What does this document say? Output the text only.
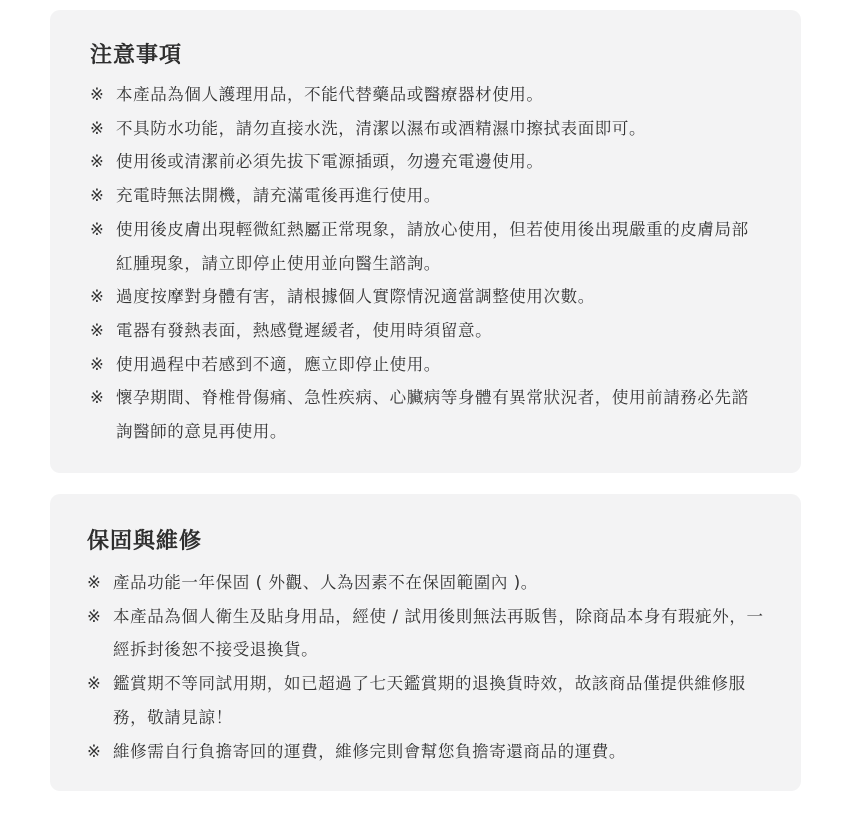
注意事項
※ 本產品為個人護理用品，不能代替藥品或醫療器材使用。
※ 不具防水功能，請勿直接水洗，清潔以濕布或酒精濕巾擦拭表面即可。
※ 使用後或清潔前必須先拔下電源插頭，勿邊充電邊使用。
※ 充電時無法開機，請充滿電後再進行使用。
※ 使用後皮膚出現輕微紅熱屬正常現象，請放心使用，但若使用後出現嚴重的皮膚局部紅腫現象，請立即停止使用並向醫生諮詢。
※ 過度按摩對身體有害，請根據個人實際情況適當調整使用次數。
※ 電器有發熱表面，熱感覺遲緩者，使用時須留意。
※ 使用過程中若感到不適，應立即停止使用。
※ 懷孕期間、脊椎骨傷痛、急性疾病、心臟病等身體有異常狀況者，使用前請務必先諮詢醫師的意見再使用。
保固與維修
※ 產品功能一年保固 ( 外觀、人為因素不在保固範圍內 )。
※ 本產品為個人衛生及貼身用品，經使 / 試用後則無法再販售，除商品本身有瑕疵外，一經拆封後恕不接受退換貨。
※ 鑑賞期不等同試用期，如已超過了七天鑑賞期的退換貨時效，故該商品僅提供維修服務，敬請見諒！
※ 維修需自行負擔寄回的運費，維修完則會幫您負擔寄還商品的運費。
